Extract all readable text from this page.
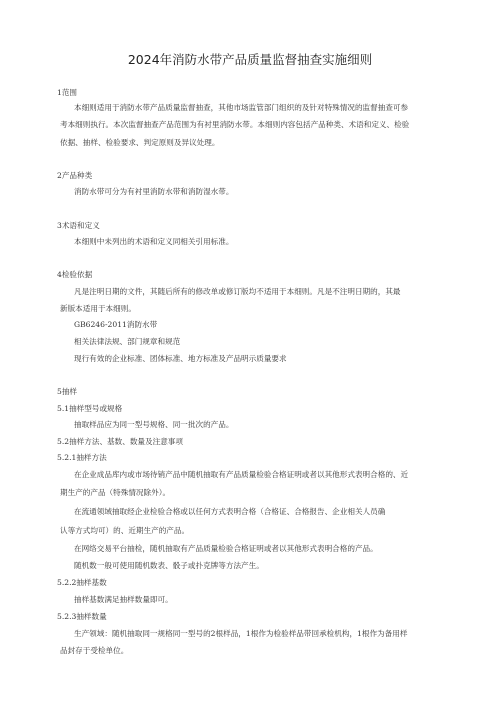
2024年消防水带产品质量监督抽查实施细则
1范围
本细则适用于消防水带产品质量监督抽查，其他市场监管部门组织的及针对特殊情况的监督抽查可参
考本细则执行。本次监督抽查产品范围为有衬里消防水带。本细则内容包括产品种类、术语和定义、检验
依据、抽样、检验要求、判定原则及异议处理。
2产品种类
消防水带可分为有衬里消防水带和消防湿水带。
3术语和定义
本细则中未列出的术语和定义同相关引用标准。
4检验依据
凡是注明日期的文件，其随后所有的修改单或修订版均不适用于本细则。凡是不注明日期的，其最
新版本适用于本细则。
GB6246-2011消防水带
相关法律法规、部门规章和规范
现行有效的企业标准、团体标准、地方标准及产品明示质量要求
5抽样
5.1抽样型号或规格
抽取样品应为同一型号规格、同一批次的产品。
5.2抽样方法、基数、数量及注意事项
5.2.1抽样方法
在企业成品库内或市场待销产品中随机抽取有产品质量检验合格证明或者以其他形式表明合格的、近
期生产的产品（特殊情况除外）。
在流通领域抽取经企业检验合格或以任何方式表明合格（合格证、合格报告、企业相关人员确
认等方式均可）的、近期生产的产品。
在网络交易平台抽检，随机抽取有产品质量检验合格证明或者以其他形式表明合格的产品。
随机数一般可使用随机数表、骰子或扑克牌等方法产生。
5.2.2抽样基数
抽样基数满足抽样数量即可。
5.2.3抽样数量
生产领域：随机抽取同一规格同一型号的2根样品，1根作为检验样品带回承检机构，1根作为备用样
品封存于受检单位。
